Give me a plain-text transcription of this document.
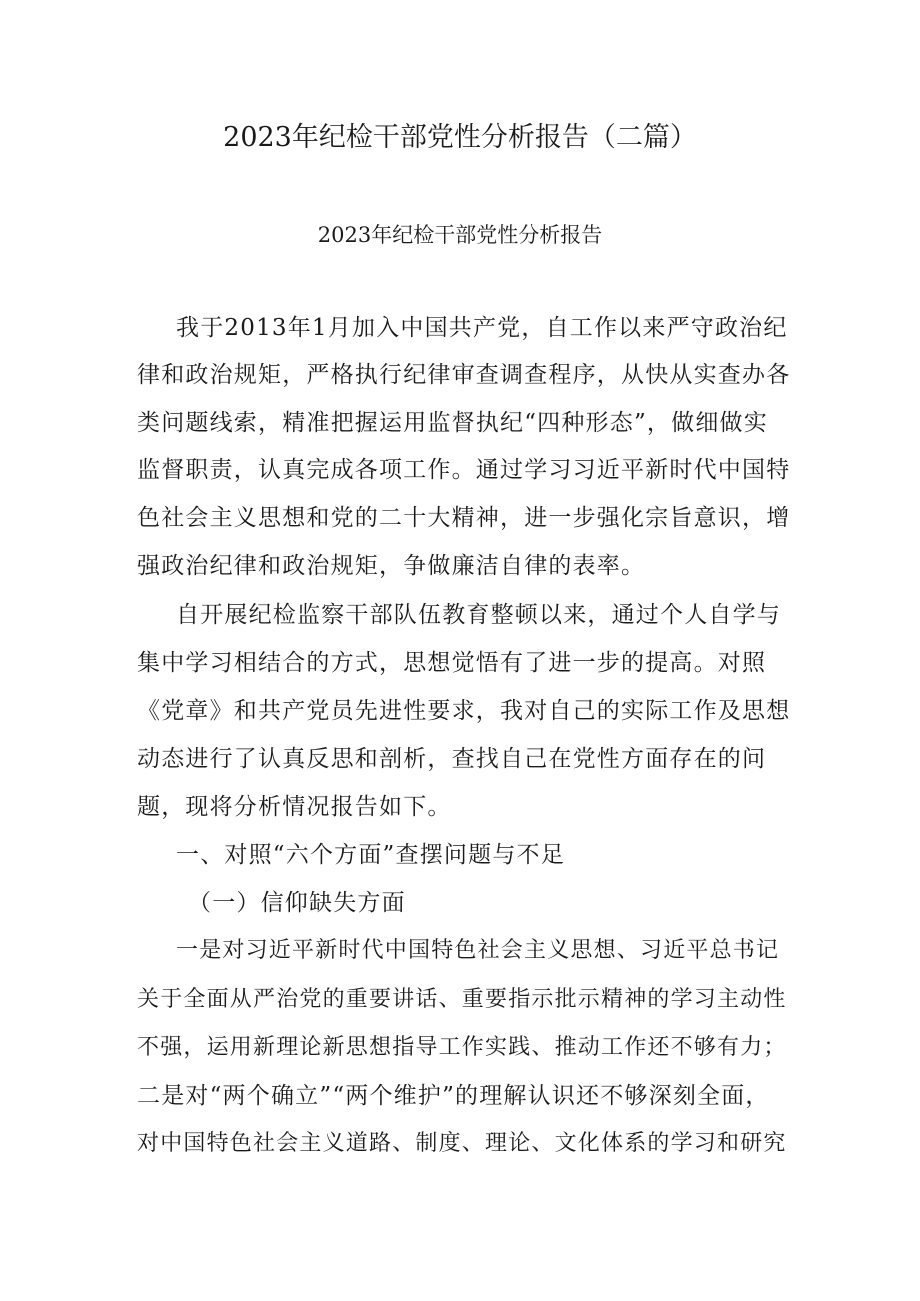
2023年纪检干部党性分析报告（二篇）
2023年纪检干部党性分析报告

我于2013年1月加入中国共产党，自工作以来严守政治纪

律和政治规矩，严格执行纪律审查调查程序，从快从实查办各

类问题线索，精准把握运用监督执纪“四种形态”，做细做实

监督职责，认真完成各项工作。通过学习习近平新时代中国特

色社会主义思想和党的二十大精神，进一步强化宗旨意识，增

强政治纪律和政治规矩，争做廉洁自律的表率。

自开展纪检监察干部队伍教育整顿以来，通过个人自学与

集中学习相结合的方式，思想觉悟有了进一步的提高。对照

《党章》和共产党员先进性要求，我对自己的实际工作及思想

动态进行了认真反思和剖析，查找自己在党性方面存在的问

题，现将分析情况报告如下。

一、对照“六个方面”查摆问题与不足

（一）信仰缺失方面

一是对习近平新时代中国特色社会主义思想、习近平总书记

关于全面从严治党的重要讲话、重要指示批示精神的学习主动性

不强，运用新理论新思想指导工作实践、推动工作还不够有力；

二是对“两个确立”“两个维护”的理解认识还不够深刻全面，

对中国特色社会主义道路、制度、理论、文化体系的学习和研究
